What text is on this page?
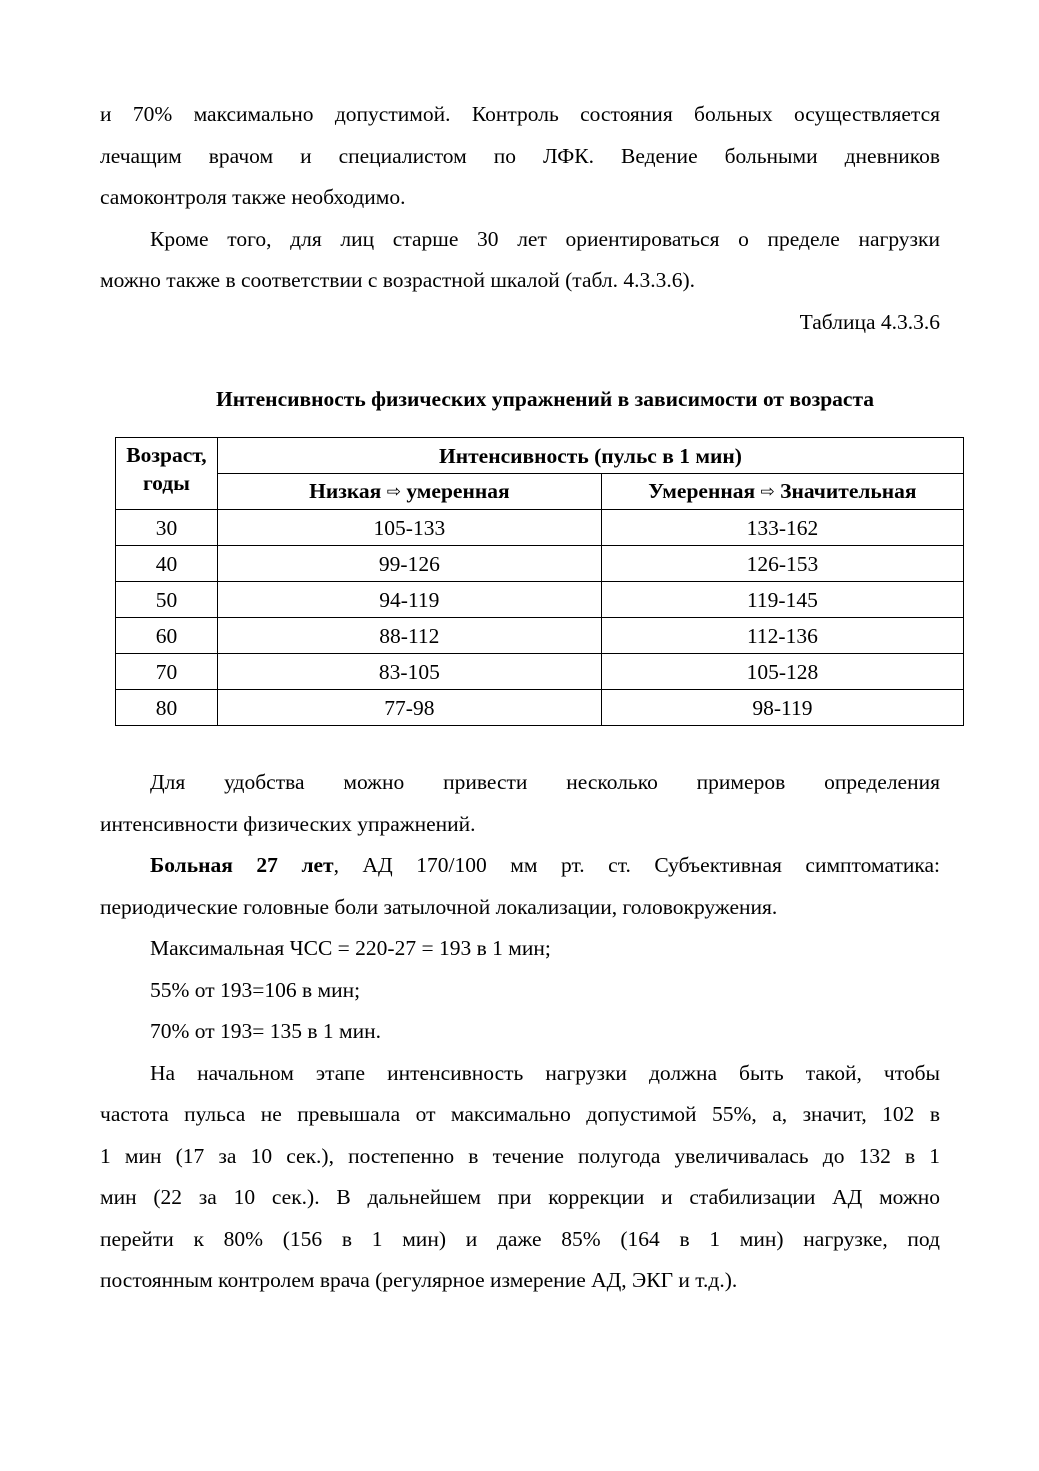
и 70% максимально допустимой. Контроль состояния больных осуществляется
лечащим врачом и специалистом по ЛФК. Ведение больными дневников
самоконтроля также необходимо.

Кроме того, для лиц старше 30 лет ориентироваться о пределе нагрузки
можно также в соответствии с возрастной шкалой (табл. 4.3.3.6).

Таблица 4.3.3.6

Интенсивность физических упражнений в зависимости от возраста

Возраст,
годы	Интенсивность (пульс в 1 мин)	
	Низкая ⇨ умеренная	Умеренная ⇨ Значительная
30	105-133	133-162
40	99-126	126-153
50	94-119	119-145
60	88-112	112-136
70	83-105	105-128
80	77-98	98-119

Для удобства можно привести несколько примеров определения
интенсивности физических упражнений.

Больная 27 лет, АД 170/100 мм рт. ст. Субъективная симптоматика:
периодические головные боли затылочной локализации, головокружения.

Максимальная ЧСС = 220-27 = 193 в 1 мин;

55% от 193=106 в мин;

70% от 193= 135 в 1 мин.

На начальном этапе интенсивность нагрузки должна быть такой, чтобы
частота пульса не превышала от максимально допустимой 55%, а, значит, 102 в
1 мин (17 за 10 сек.), постепенно в течение полугода увеличивалась до 132 в 1
мин (22 за 10 сек.). В дальнейшем при коррекции и стабилизации АД можно
перейти к 80% (156 в 1 мин) и даже 85% (164 в 1 мин) нагрузке, под
постоянным контролем врача (регулярное измерение АД, ЭКГ и т.д.).
